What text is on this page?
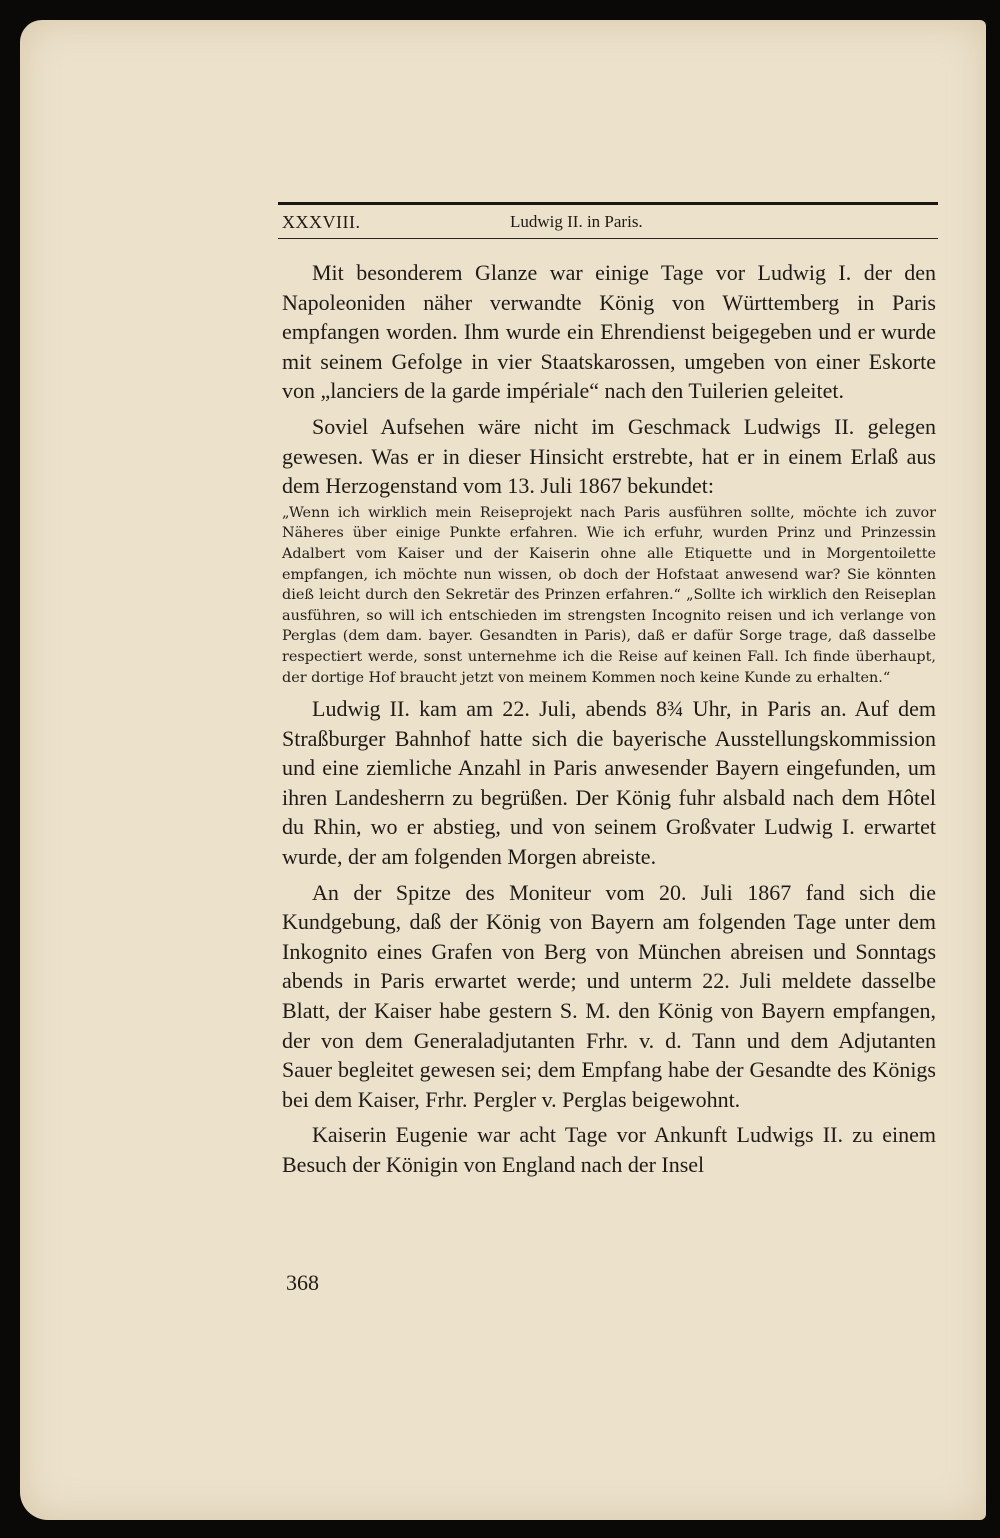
XXXVIII.	Ludwig II. in Paris.

Mit besonderem Glanze war einige Tage vor Ludwig I. der den Napoleoniden näher verwandte König von Württemberg in Paris empfangen worden. Ihm wurde ein Ehrendienst beigegeben und er wurde mit seinem Gefolge in vier Staatskarossen, umgeben von einer Eskorte von „lanciers de la garde impériale“ nach den Tuilerien geleitet.

Soviel Aufsehen wäre nicht im Geschmack Ludwigs II. gelegen gewesen. Was er in dieser Hinsicht erstrebte, hat er in einem Erlaß aus dem Herzogenstand vom 13. Juli 1867 bekundet:

„Wenn ich wirklich mein Reiseprojekt nach Paris ausführen sollte, möchte ich zuvor Näheres über einige Punkte erfahren. Wie ich erfuhr, wurden Prinz und Prinzessin Adalbert vom Kaiser und der Kaiserin ohne alle Etiquette und in Morgentoilette empfangen, ich möchte nun wissen, ob doch der Hofstaat anwesend war? Sie könnten dieß leicht durch den Sekretär des Prinzen erfahren.“ „Sollte ich wirklich den Reiseplan ausführen, so will ich entschieden im strengsten Incognito reisen und ich verlange von Perglas (dem dam. bayer. Gesandten in Paris), daß er dafür Sorge trage, daß dasselbe respectiert werde, sonst unternehme ich die Reise auf keinen Fall. Ich finde überhaupt, der dortige Hof braucht jetzt von meinem Kommen noch keine Kunde zu erhalten.“

Ludwig II. kam am 22. Juli, abends 8¾ Uhr, in Paris an. Auf dem Straßburger Bahnhof hatte sich die bayerische Ausstellungskommission und eine ziemliche Anzahl in Paris anwesender Bayern eingefunden, um ihren Landesherrn zu begrüßen. Der König fuhr alsbald nach dem Hôtel du Rhin, wo er abstieg, und von seinem Großvater Ludwig I. erwartet wurde, der am folgenden Morgen abreiste.

An der Spitze des Moniteur vom 20. Juli 1867 fand sich die Kundgebung, daß der König von Bayern am folgenden Tage unter dem Inkognito eines Grafen von Berg von München abreisen und Sonntags abends in Paris erwartet werde; und unterm 22. Juli meldete dasselbe Blatt, der Kaiser habe gestern S. M. den König von Bayern empfangen, der von dem Generaladjutanten Frhr. v. d. Tann und dem Adjutanten Sauer begleitet gewesen sei; dem Empfang habe der Gesandte des Königs bei dem Kaiser, Frhr. Pergler v. Perglas beigewohnt.

Kaiserin Eugenie war acht Tage vor Ankunft Ludwigs II. zu einem Besuch der Königin von England nach der Insel

368
